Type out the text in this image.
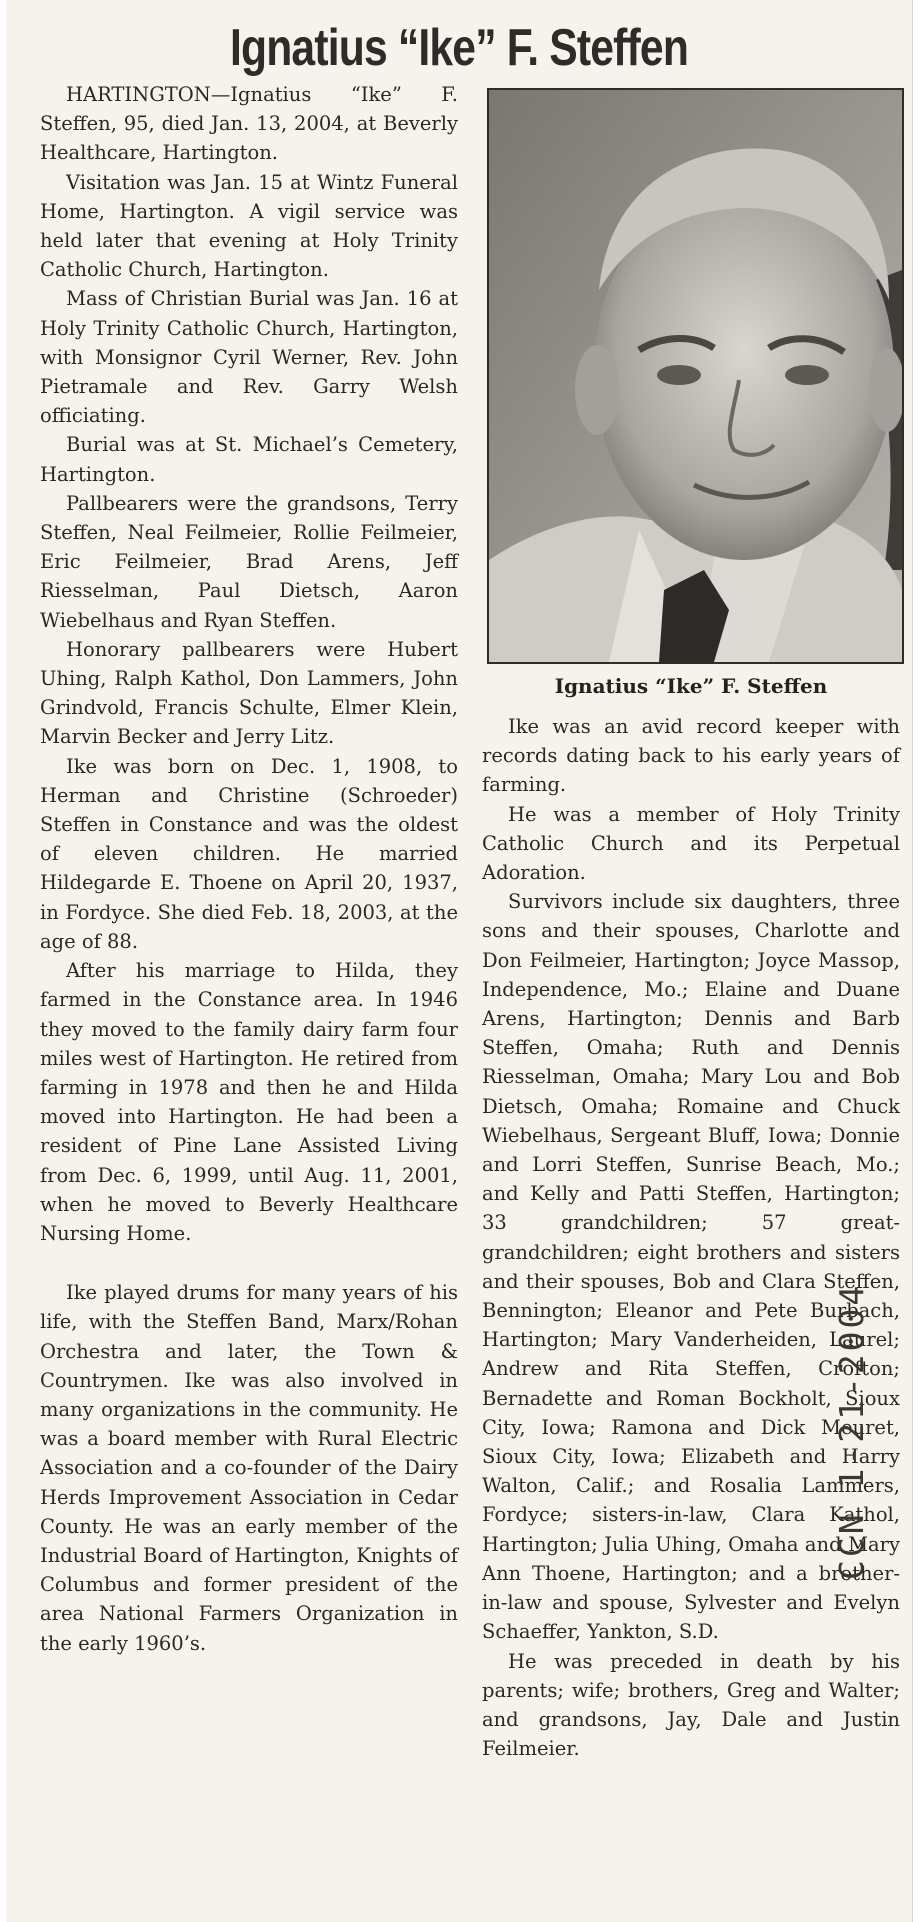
Ignatius “Ike” F. Steffen

HARTINGTON—Ignatius “Ike” F. Steffen, 95, died Jan. 13, 2004, at Beverly Healthcare, Hartington.

Visitation was Jan. 15 at Wintz Funeral Home, Hartington. A vigil service was held later that evening at Holy Trinity Catholic Church, Hartington.

Mass of Christian Burial was Jan. 16 at Holy Trinity Catholic Church, Hartington, with Monsignor Cyril Werner, Rev. John Pietramale and Rev. Garry Welsh officiating.

Burial was at St. Michael’s Cemetery, Hartington.

Pallbearers were the grandsons, Terry Steffen, Neal Feilmeier, Rollie Feilmeier, Eric Feilmeier, Brad Arens, Jeff Riesselman, Paul Dietsch, Aaron Wiebelhaus and Ryan Steffen.

Honorary pallbearers were Hubert Uhing, Ralph Kathol, Don Lammers, John Grindvold, Francis Schulte, Elmer Klein, Marvin Becker and Jerry Litz.

Ike was born on Dec. 1, 1908, to Herman and Christine (Schroeder) Steffen in Constance and was the oldest of eleven children. He married Hildegarde E. Thoene on April 20, 1937, in Fordyce. She died Feb. 18, 2003, at the age of 88.

After his marriage to Hilda, they farmed in the Constance area. In 1946 they moved to the family dairy farm four miles west of Hartington. He retired from farming in 1978 and then he and Hilda moved into Hartington. He had been a resident of Pine Lane Assisted Living from Dec. 6, 1999, until Aug. 11, 2001, when he moved to Beverly Healthcare Nursing Home.

Ike played drums for many years of his life, with the Steffen Band, Marx/Rohan Orchestra and later, the Town & Countrymen. Ike was also involved in many organizations in the community. He was a board member with Rural Electric Association and a co-founder of the Dairy Herds Improvement Association in Cedar County. He was an early member of the Industrial Board of Hartington, Knights of Columbus and former president of the area National Farmers Organization in the early 1960’s.

Ignatius “Ike” F. Steffen

Ike was an avid record keeper with records dating back to his early years of farming.

He was a member of Holy Trinity Catholic Church and its Perpetual Adoration.

Survivors include six daughters, three sons and their spouses, Charlotte and Don Feilmeier, Hartington; Joyce Massop, Independence, Mo.; Elaine and Duane Arens, Hartington; Dennis and Barb Steffen, Omaha; Ruth and Dennis Riesselman, Omaha; Mary Lou and Bob Dietsch, Omaha; Romaine and Chuck Wiebelhaus, Sergeant Bluff, Iowa; Donnie and Lorri Steffen, Sunrise Beach, Mo.; and Kelly and Patti Steffen, Hartington; 33 grandchildren; 57 great-grandchildren; eight brothers and sisters and their spouses, Bob and Clara Steffen, Bennington; Eleanor and Pete Burbach, Hartington; Mary Vanderheiden, Laurel; Andrew and Rita Steffen, Crofton; Bernadette and Roman Bockholt, Sioux City, Iowa; Ramona and Dick Meuret, Sioux City, Iowa; Elizabeth and Harry Walton, Calif.; and Rosalia Lammers, Fordyce; sisters-in-law, Clara Kathol, Hartington; Julia Uhing, Omaha and Mary Ann Thoene, Hartington; and a brother-in-law and spouse, Sylvester and Evelyn Schaeffer, Yankton, S.D.

He was preceded in death by his parents; wife; brothers, Greg and Walter; and grandsons, Jay, Dale and Justin Feilmeier.

CCN 1-21-2004
